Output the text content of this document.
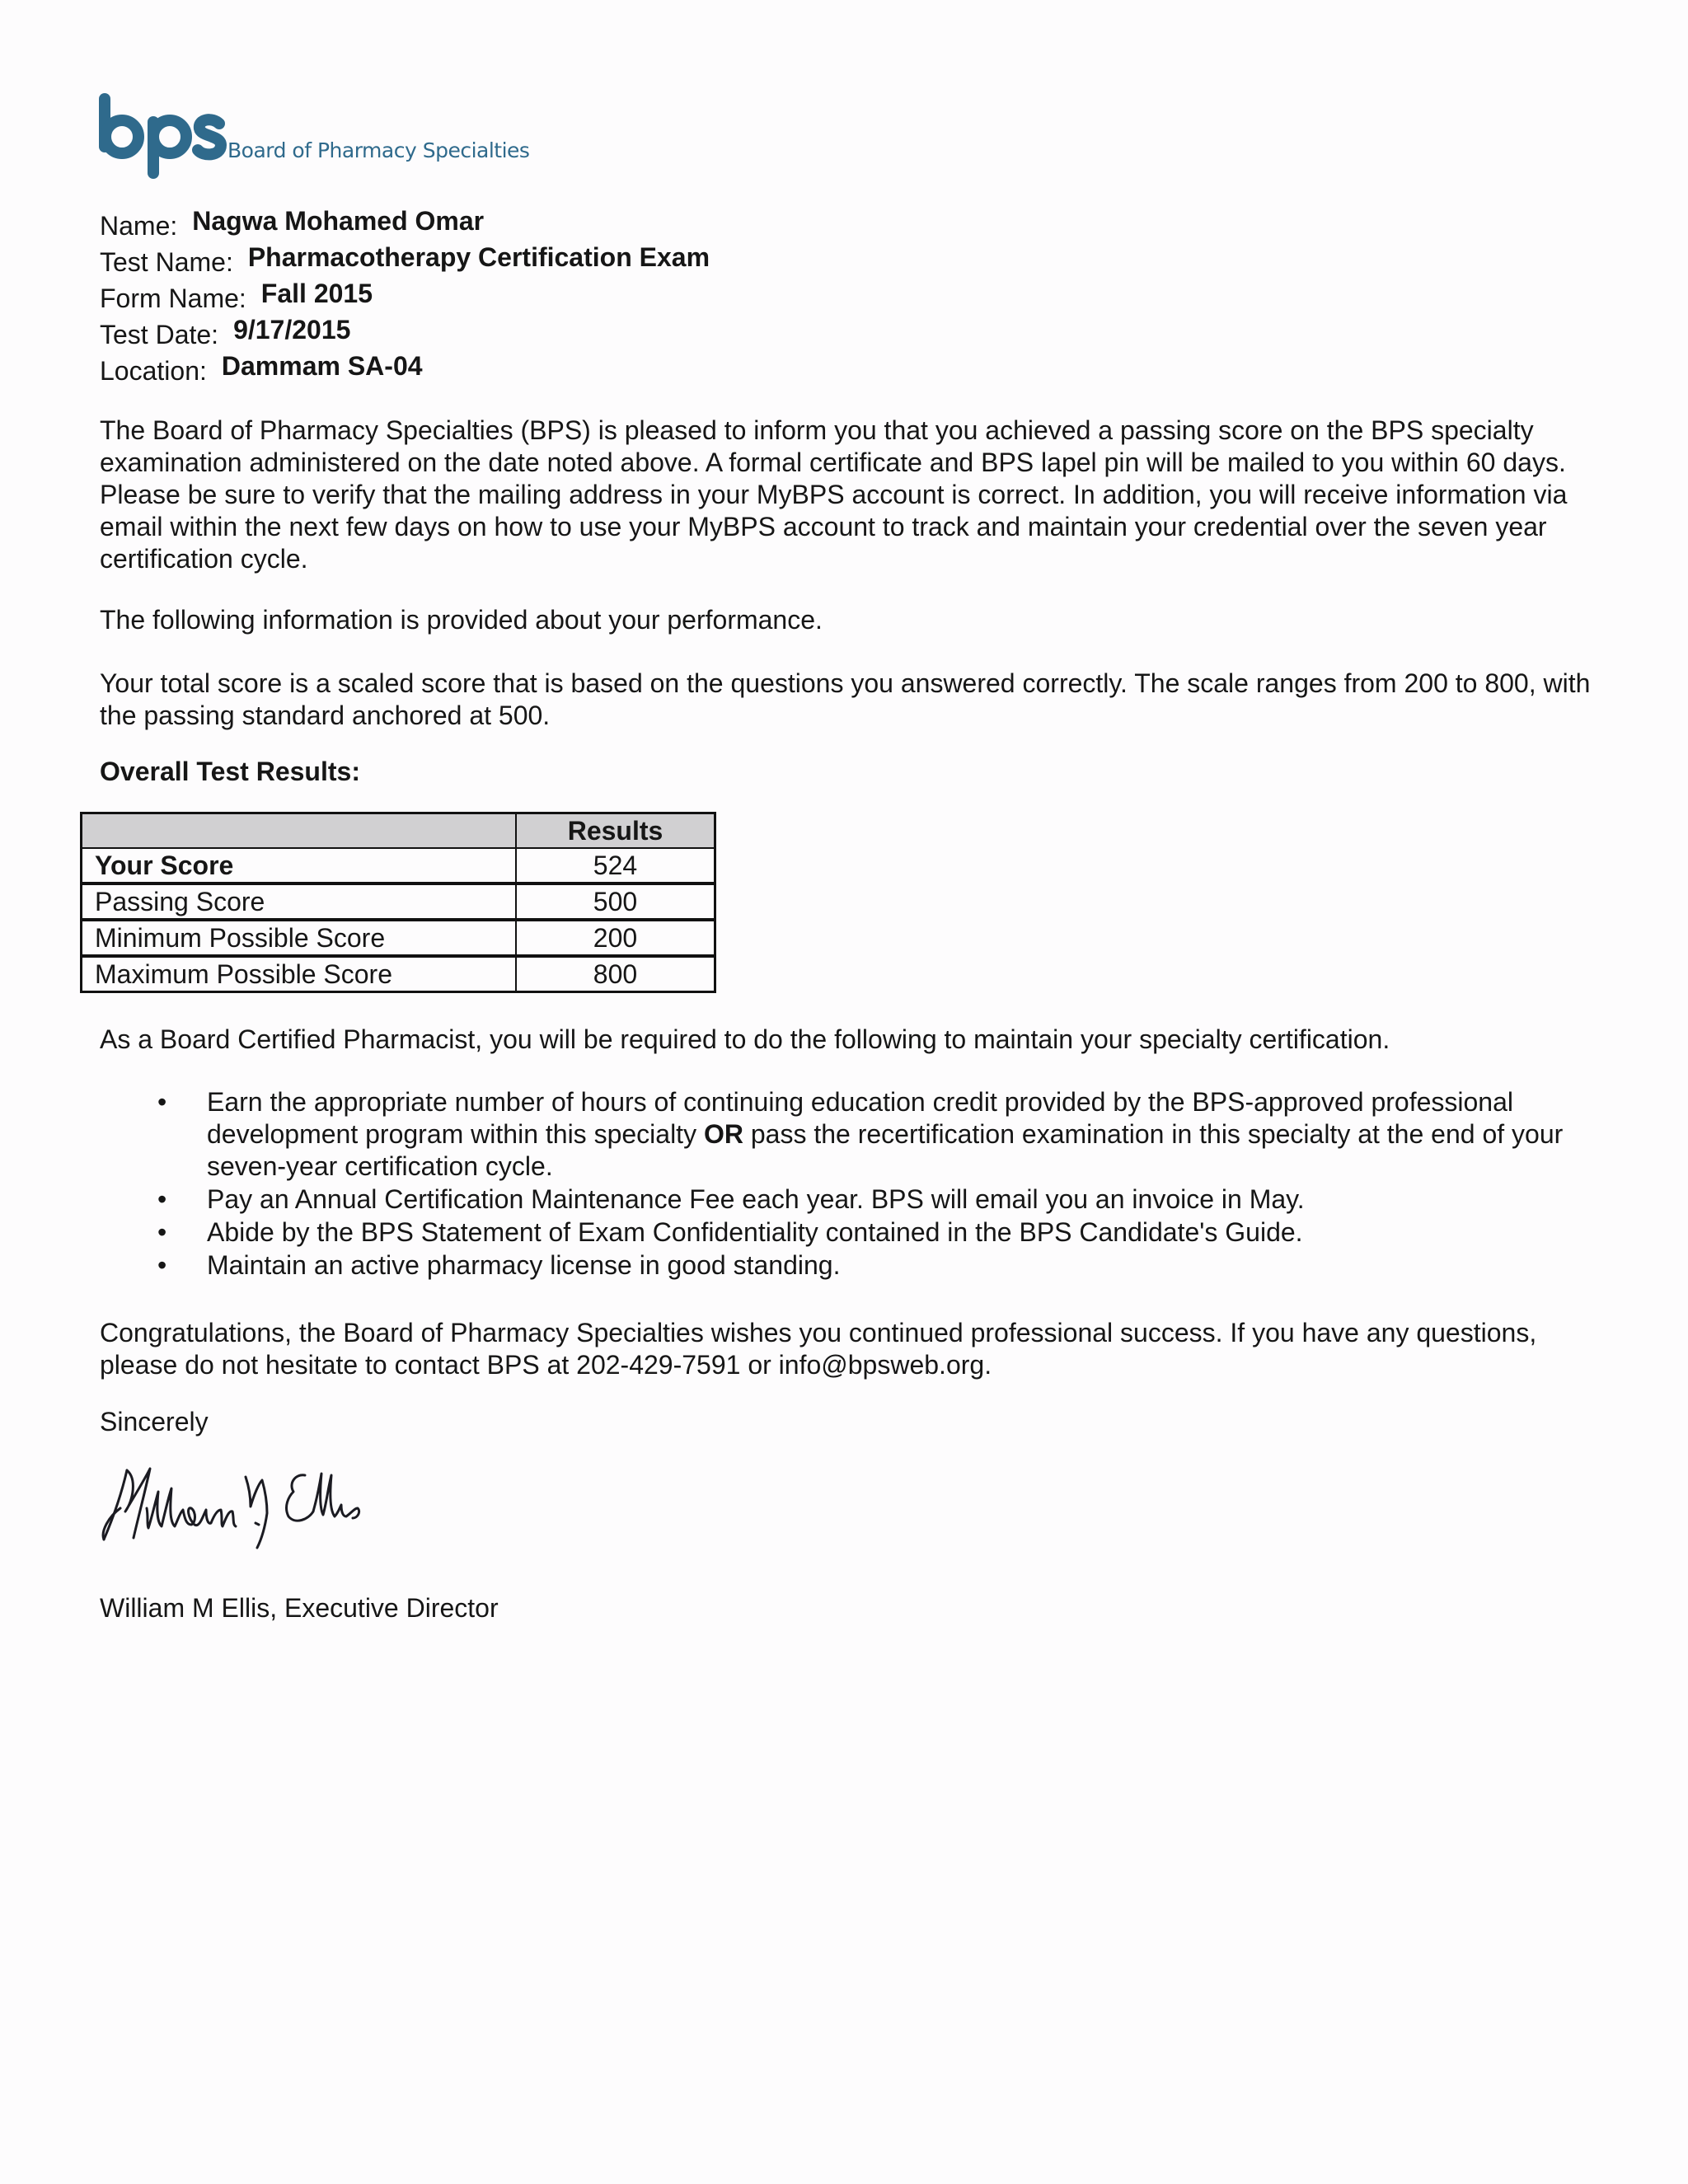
Board of Pharmacy Specialties
Name: Nagwa Mohamed Omar
Test Name: Pharmacotherapy Certification Exam
Form Name: Fall 2015
Test Date: 9/17/2015
Location: Dammam SA-04

The Board of Pharmacy Specialties (BPS) is pleased to inform you that you achieved a passing score on the BPS specialty examination administered on the date noted above. A formal certificate and BPS lapel pin will be mailed to you within 60 days. Please be sure to verify that the mailing address in your MyBPS account is correct. In addition, you will receive information via email within the next few days on how to use your MyBPS account to track and maintain your credential over the seven year certification cycle.

The following information is provided about your performance.

Your total score is a scaled score that is based on the questions you answered correctly. The scale ranges from 200 to 800, with the passing standard anchored at 500.

Overall Test Results:

	Results
Your Score	524
Passing Score	500
Minimum Possible Score	200
Maximum Possible Score	800

As a Board Certified Pharmacist, you will be required to do the following to maintain your specialty certification.

• Earn the appropriate number of hours of continuing education credit provided by the BPS-approved professional development program within this specialty OR pass the recertification examination in this specialty at the end of your seven-year certification cycle.
• Pay an Annual Certification Maintenance Fee each year. BPS will email you an invoice in May.
• Abide by the BPS Statement of Exam Confidentiality contained in the BPS Candidate's Guide.
• Maintain an active pharmacy license in good standing.

Congratulations, the Board of Pharmacy Specialties wishes you continued professional success. If you have any questions, please do not hesitate to contact BPS at 202-429-7591 or info@bpsweb.org.

Sincerely

William M Ellis, Executive Director
